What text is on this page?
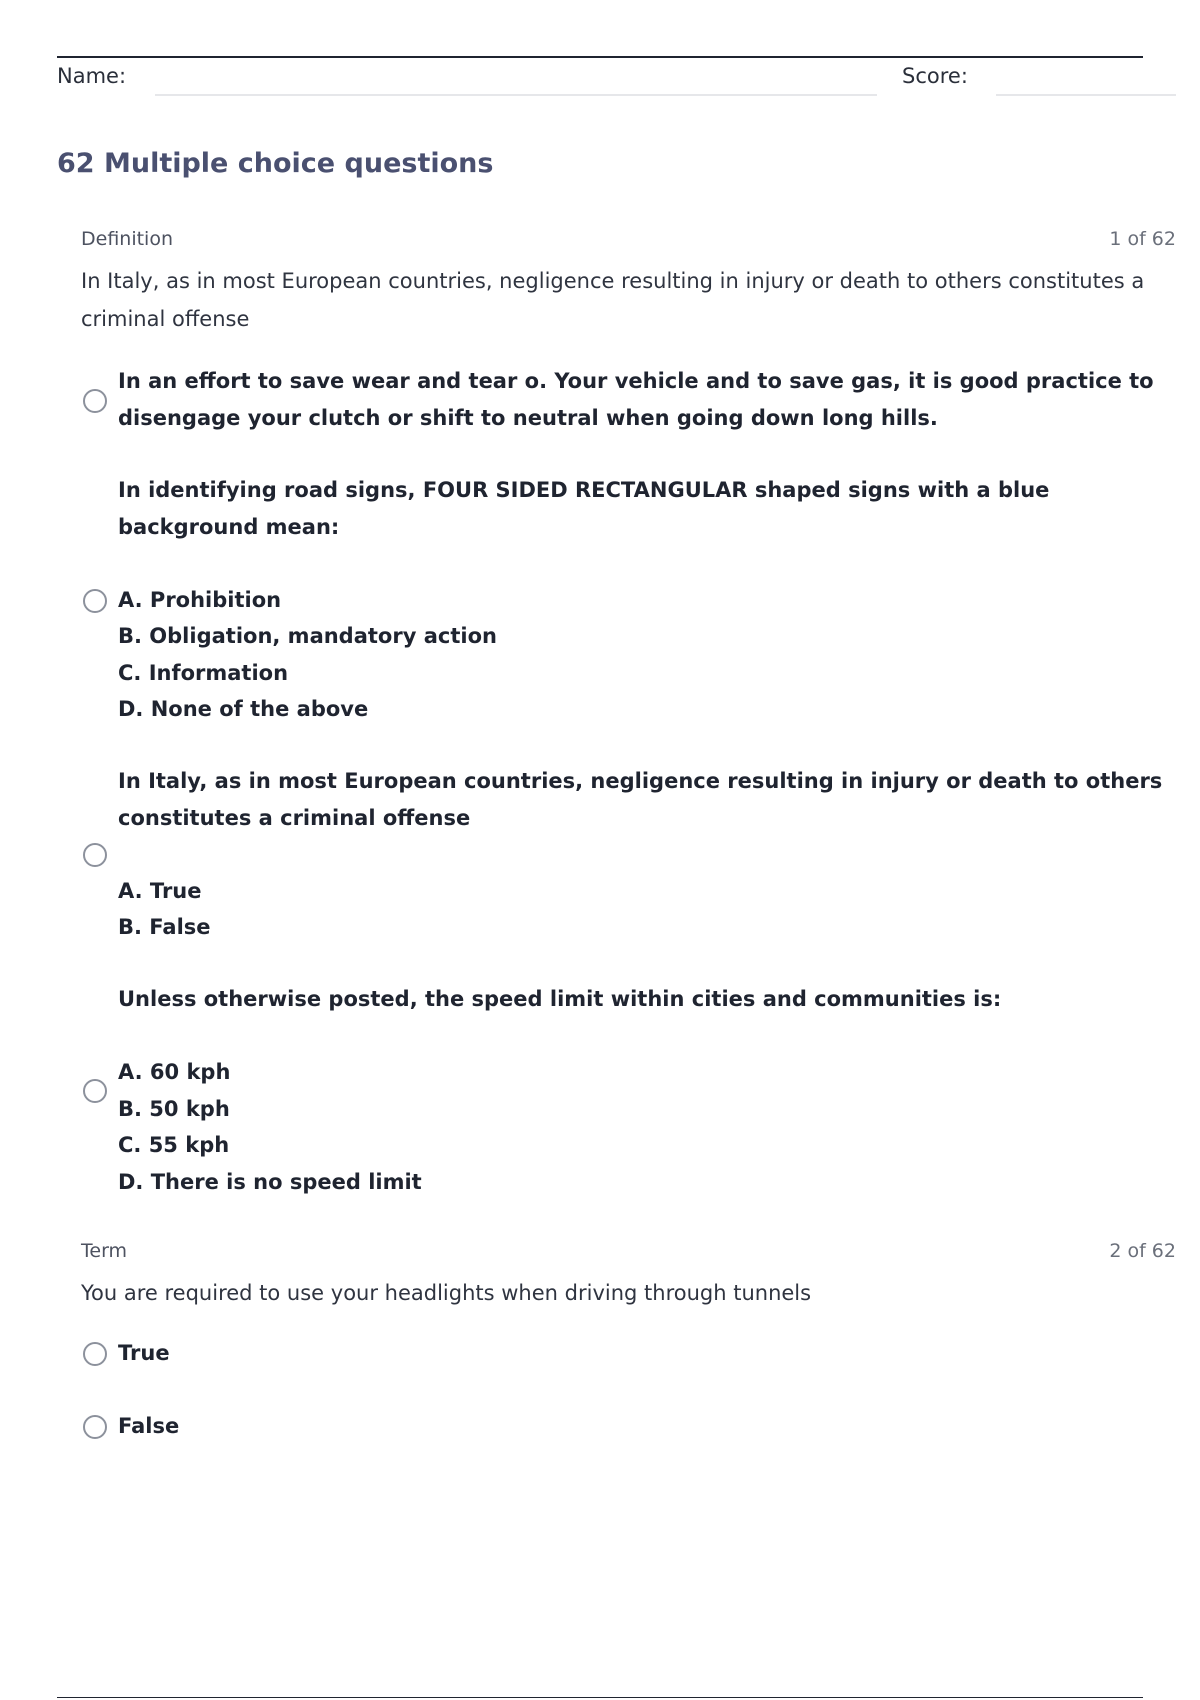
Name:	Score:
62 Multiple choice questions
Definition	1 of 62
In Italy, as in most European countries, negligence resulting in injury or death to others constitutes a criminal offense
In an effort to save wear and tear o. Your vehicle and to save gas, it is good practice to
disengage your clutch or shift to neutral when going down long hills.
In identifying road signs, FOUR SIDED RECTANGULAR shaped signs with a blue
background mean:

A. Prohibition
B. Obligation, mandatory action
C. Information
D. None of the above
In Italy, as in most European countries, negligence resulting in injury or death to others
constitutes a criminal offense

A. True
B. False
Unless otherwise posted, the speed limit within cities and communities is:

A. 60 kph
B. 50 kph
C. 55 kph
D. There is no speed limit
Term	2 of 62
You are required to use your headlights when driving through tunnels
True
False
